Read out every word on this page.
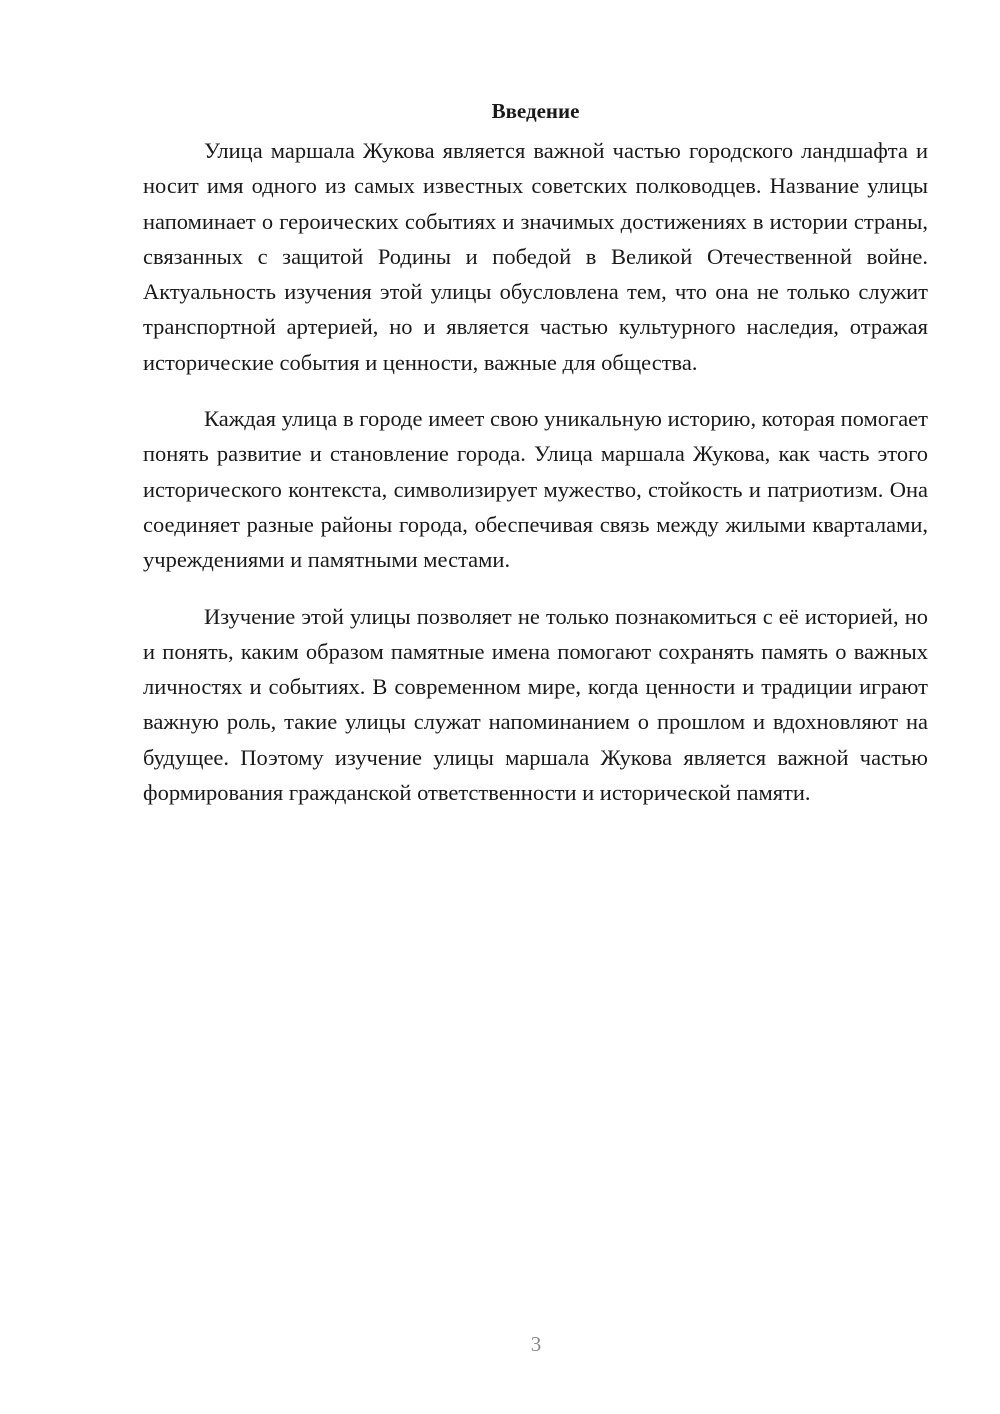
Введение

Улица маршала Жукова является важной частью городского ландшафта и носит имя одного из самых известных советских полководцев. Название улицы напоминает о героических событиях и значимых достижениях в истории страны, связанных с защитой Родины и победой в Великой Отечественной войне. Актуальность изучения этой улицы обусловлена тем, что она не только служит транспортной артерией, но и является частью культурного наследия, отражая исторические события и ценности, важные для общества.

Каждая улица в городе имеет свою уникальную историю, которая помогает понять развитие и становление города. Улица маршала Жукова, как часть этого исторического контекста, символизирует мужество, стойкость и патриотизм. Она соединяет разные районы города, обеспечивая связь между жилыми кварталами, учреждениями и памятными местами.

Изучение этой улицы позволяет не только познакомиться с её историей, но и понять, каким образом памятные имена помогают сохранять память о важных личностях и событиях. В современном мире, когда ценности и традиции играют важную роль, такие улицы служат напоминанием о прошлом и вдохновляют на будущее. Поэтому изучение улицы маршала Жукова является важной частью формирования гражданской ответственности и исторической памяти.

3
